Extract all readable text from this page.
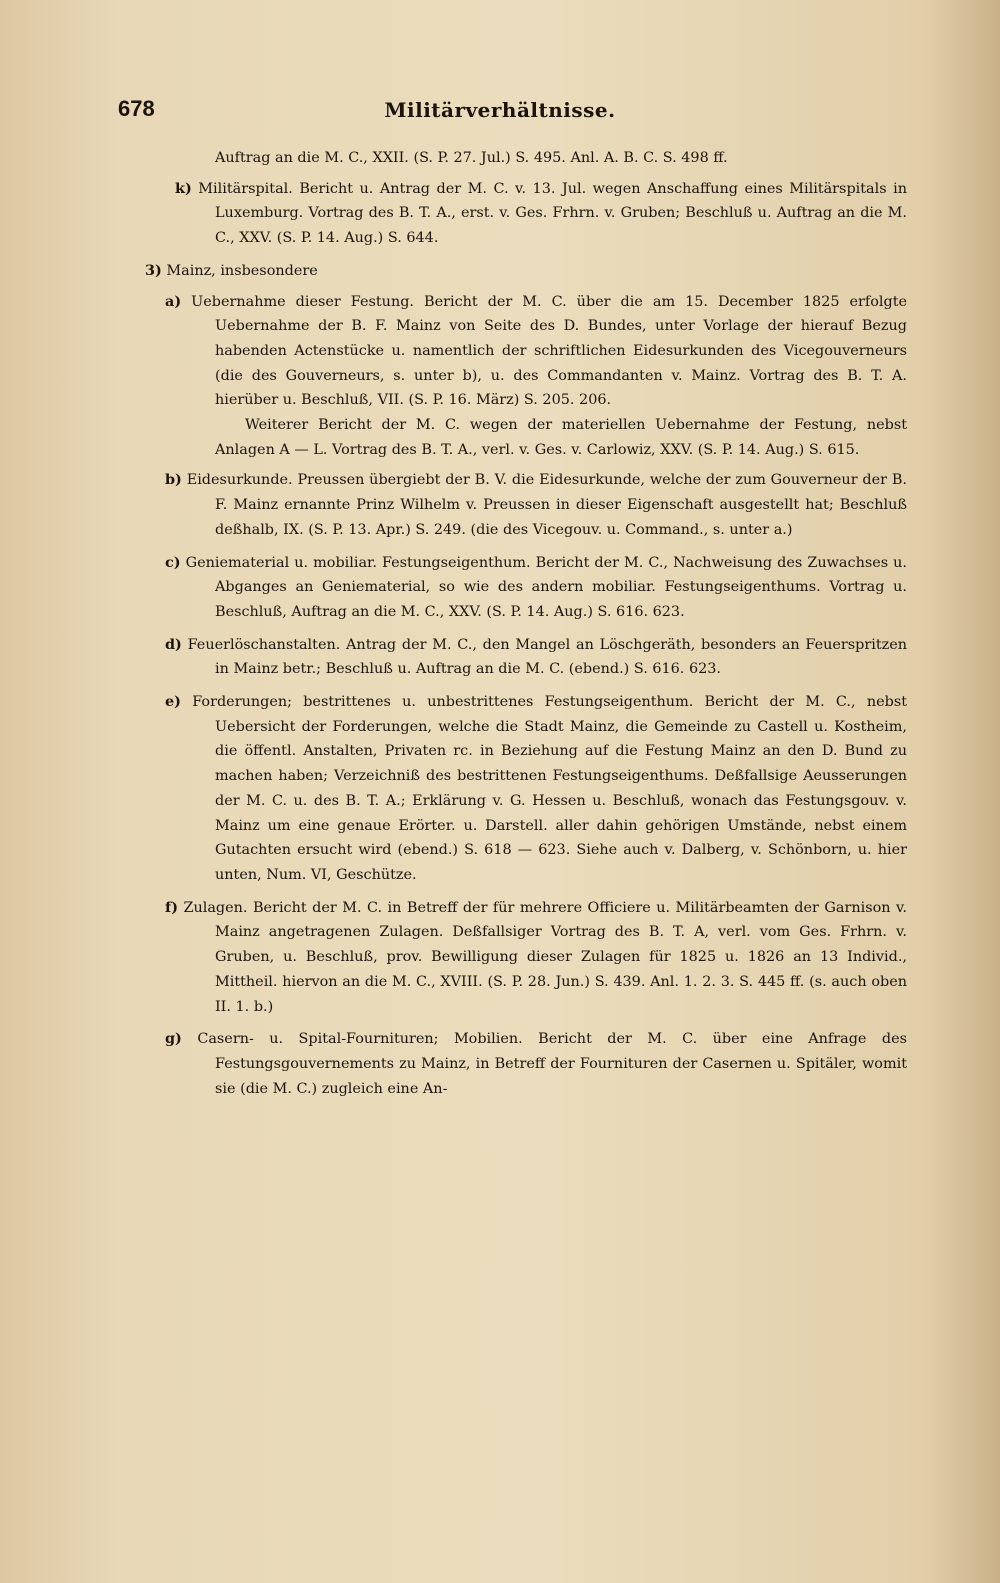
678	Militärverhältnisse.

Auftrag an die M. C., XXII. (S. P. 27. Jul.) S. 495. Anl. A. B. C. S. 498 ff.

k) Militärspital. Bericht u. Antrag der M. C. v. 13. Jul. wegen Anschaffung eines Militärspitals in Luxemburg. Vortrag des B. T. A., erst. v. Ges. Frhrn. v. Gruben; Beschluß u. Auftrag an die M. C., XXV. (S. P. 14. Aug.) S. 644.

3) Mainz, insbesondere

a) Uebernahme dieser Festung. Bericht der M. C. über die am 15. December 1825 erfolgte Uebernahme der B. F. Mainz von Seite des D. Bundes, unter Vorlage der hierauf Bezug habenden Actenstücke u. namentlich der schriftlichen Eidesurkunden des Vicegouverneurs (die des Gouverneurs, s. unter b), u. des Commandanten v. Mainz. Vortrag des B. T. A. hierüber u. Beschluß, VII. (S. P. 16. März) S. 205. 206.

Weiterer Bericht der M. C. wegen der materiellen Uebernahme der Festung, nebst Anlagen A — L. Vortrag des B. T. A., verl. v. Ges. v. Carlowiz, XXV. (S. P. 14. Aug.) S. 615.

b) Eidesurkunde. Preussen übergiebt der B. V. die Eidesurkunde, welche der zum Gouverneur der B. F. Mainz ernannte Prinz Wilhelm v. Preussen in dieser Eigenschaft ausgestellt hat; Beschluß deßhalb, IX. (S. P. 13. Apr.) S. 249. (die des Vicegouv. u. Command., s. unter a.)

c) Geniematerial u. mobiliar. Festungseigenthum. Bericht der M. C., Nachweisung des Zuwachses u. Abganges an Geniematerial, so wie des andern mobiliar. Festungseigenthums. Vortrag u. Beschluß, Auftrag an die M. C., XXV. (S. P. 14. Aug.) S. 616. 623.

d) Feuerlöschanstalten. Antrag der M. C., den Mangel an Löschgeräth, besonders an Feuerspritzen in Mainz betr.; Beschluß u. Auftrag an die M. C. (ebend.) S. 616. 623.

e) Forderungen; bestrittenes u. unbestrittenes Festungseigenthum. Bericht der M. C., nebst Uebersicht der Forderungen, welche die Stadt Mainz, die Gemeinde zu Castell u. Kostheim, die öffentl. Anstalten, Privaten rc. in Beziehung auf die Festung Mainz an den D. Bund zu machen haben; Verzeichniß des bestrittenen Festungseigenthums. Deßfallsige Aeusserungen der M. C. u. des B. T. A.; Erklärung v. G. Hessen u. Beschluß, wonach das Festungsgouv. v. Mainz um eine genaue Erörter. u. Darstell. aller dahin gehörigen Umstände, nebst einem Gutachten ersucht wird (ebend.) S. 618 — 623. Siehe auch v. Dalberg, v. Schönborn, u. hier unten, Num. VI, Geschütze.

f) Zulagen. Bericht der M. C. in Betreff der für mehrere Officiere u. Militärbeamten der Garnison v. Mainz angetragenen Zulagen. Deßfallsiger Vortrag des B. T. A, verl. vom Ges. Frhrn. v. Gruben, u. Beschluß, prov. Bewilligung dieser Zulagen für 1825 u. 1826 an 13 Individ., Mittheil. hiervon an die M. C., XVIII. (S. P. 28. Jun.) S. 439. Anl. 1. 2. 3. S. 445 ff. (s. auch oben II. 1. b.)

g) Casern- u. Spital-Fournituren; Mobilien. Bericht der M. C. über eine Anfrage des Festungsgouvernements zu Mainz, in Betreff der Fournituren der Casernen u. Spitäler, womit sie (die M. C.) zugleich eine An-
